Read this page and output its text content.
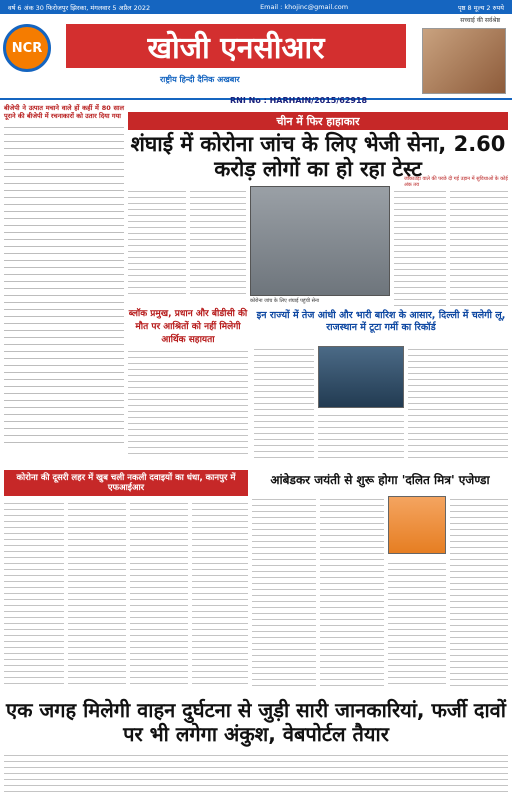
वर्ष 6 अंक 30 फिरोजपुर झिरका, मंगलवार 5 अप्रैल 2022	Email : khojinc@gmail.com	पृष्ठ 8 मूल्य 2 रुपये
NCR	खोजी एनसीआर
सच्चाई की सर्वश्रेष्ठ
राष्ट्रीय हिन्दी दैनिक अखबार
RNI No : HARHAIN/2015/62918
बीजेपी ने उत्पात मचाने वाले हों कहीं में 80 साल पूराने की बीजेपी में रचनाकारों को उतार दिया गया	चीन में फिर हाहाकार
शंघाई में कोरोना जांच के लिए भेजी सेना, 2.60 करोड़ लोगों का हो रहा टेस्ट
कोरोना जांच के लिए शंघाई पहुंची सेना
ब्लॉक प्रमुख, प्रधान और बीडीसी की मौत पर आश्रितों को नहीं मिलेगी आर्थिक सहायता
इन राज्यों में तेज आंधी और भारी बारिश के आसार, दिल्ली में चलेगी लू, राजस्थान में टूटा गर्मी का रिकॉर्ड
कोरोना की दूसरी लहर में खुब चली नकली दवाइयों का धंधा, कानपुर में एफआईआर
आंबेडकर जयंती से शुरू होगा 'दलित मित्र' एजेण्डा
एक जगह मिलेगी वाहन दुर्घटना से जुड़ी सारी जानकारियां, फर्जी दावों पर भी लगेगा अंकुश, वेबपोर्टल तैयार
जोंकाउड़ा वाले की परछे दी गई उड़ान में सुविधाओं के कोई अंक तय
